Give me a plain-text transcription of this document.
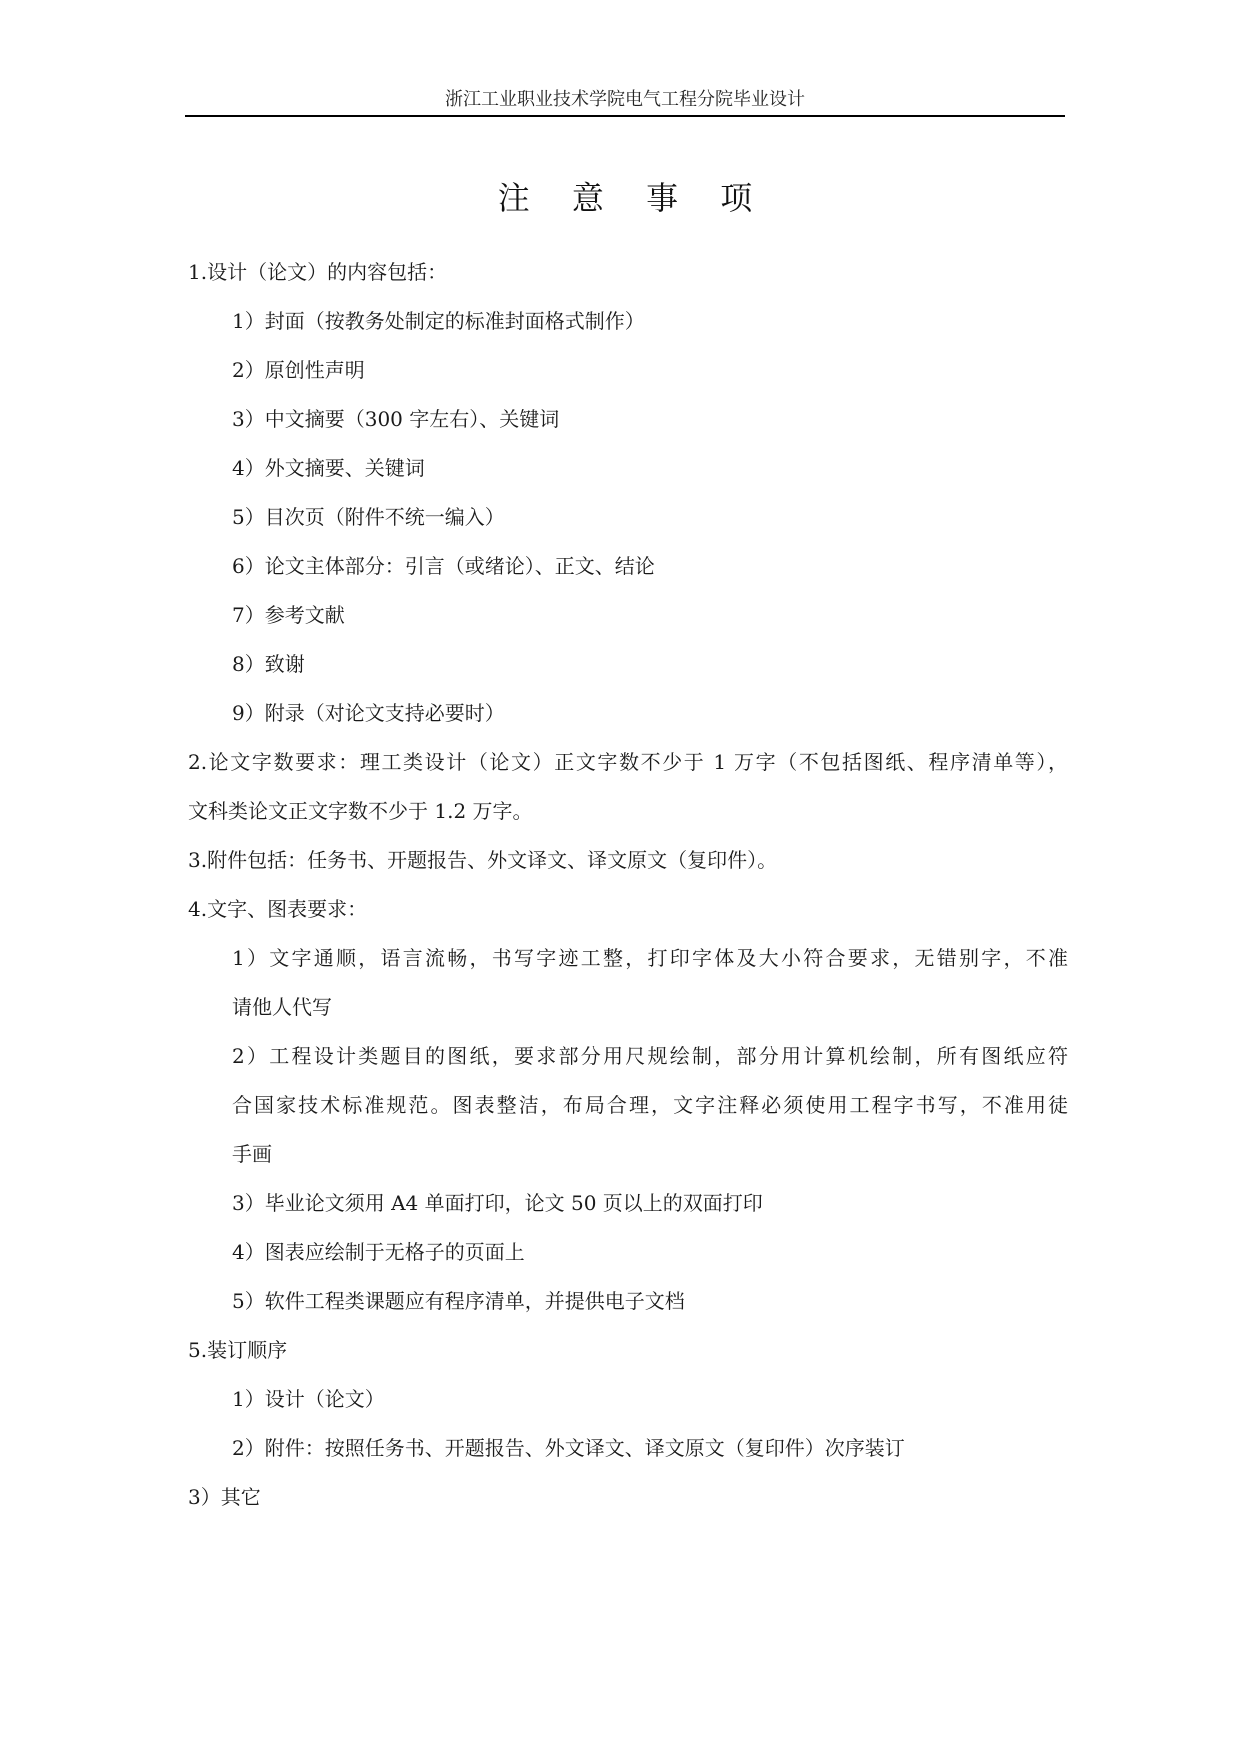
浙江工业职业技术学院电气工程分院毕业设计
注 意 事 项
1.设计（论文）的内容包括：
1）封面（按教务处制定的标准封面格式制作）
2）原创性声明
3）中文摘要（300 字左右）、关键词
4）外文摘要、关键词
5）目次页（附件不统一编入）
6）论文主体部分：引言（或绪论）、正文、结论
7）参考文献
8）致谢
9）附录（对论文支持必要时）
2.论文字数要求：理工类设计（论文）正文字数不少于 1 万字（不包括图纸、程序清单等），
文科类论文正文字数不少于 1.2 万字。
3.附件包括：任务书、开题报告、外文译文、译文原文（复印件）。
4.文字、图表要求：
1）文字通顺，语言流畅，书写字迹工整，打印字体及大小符合要求，无错别字，不准
请他人代写
2）工程设计类题目的图纸，要求部分用尺规绘制，部分用计算机绘制，所有图纸应符
合国家技术标准规范。图表整洁，布局合理，文字注释必须使用工程字书写，不准用徒
手画
3）毕业论文须用 A4 单面打印，论文 50 页以上的双面打印
4）图表应绘制于无格子的页面上
5）软件工程类课题应有程序清单，并提供电子文档
5.装订顺序
1）设计（论文）
2）附件：按照任务书、开题报告、外文译文、译文原文（复印件）次序装订
3）其它
